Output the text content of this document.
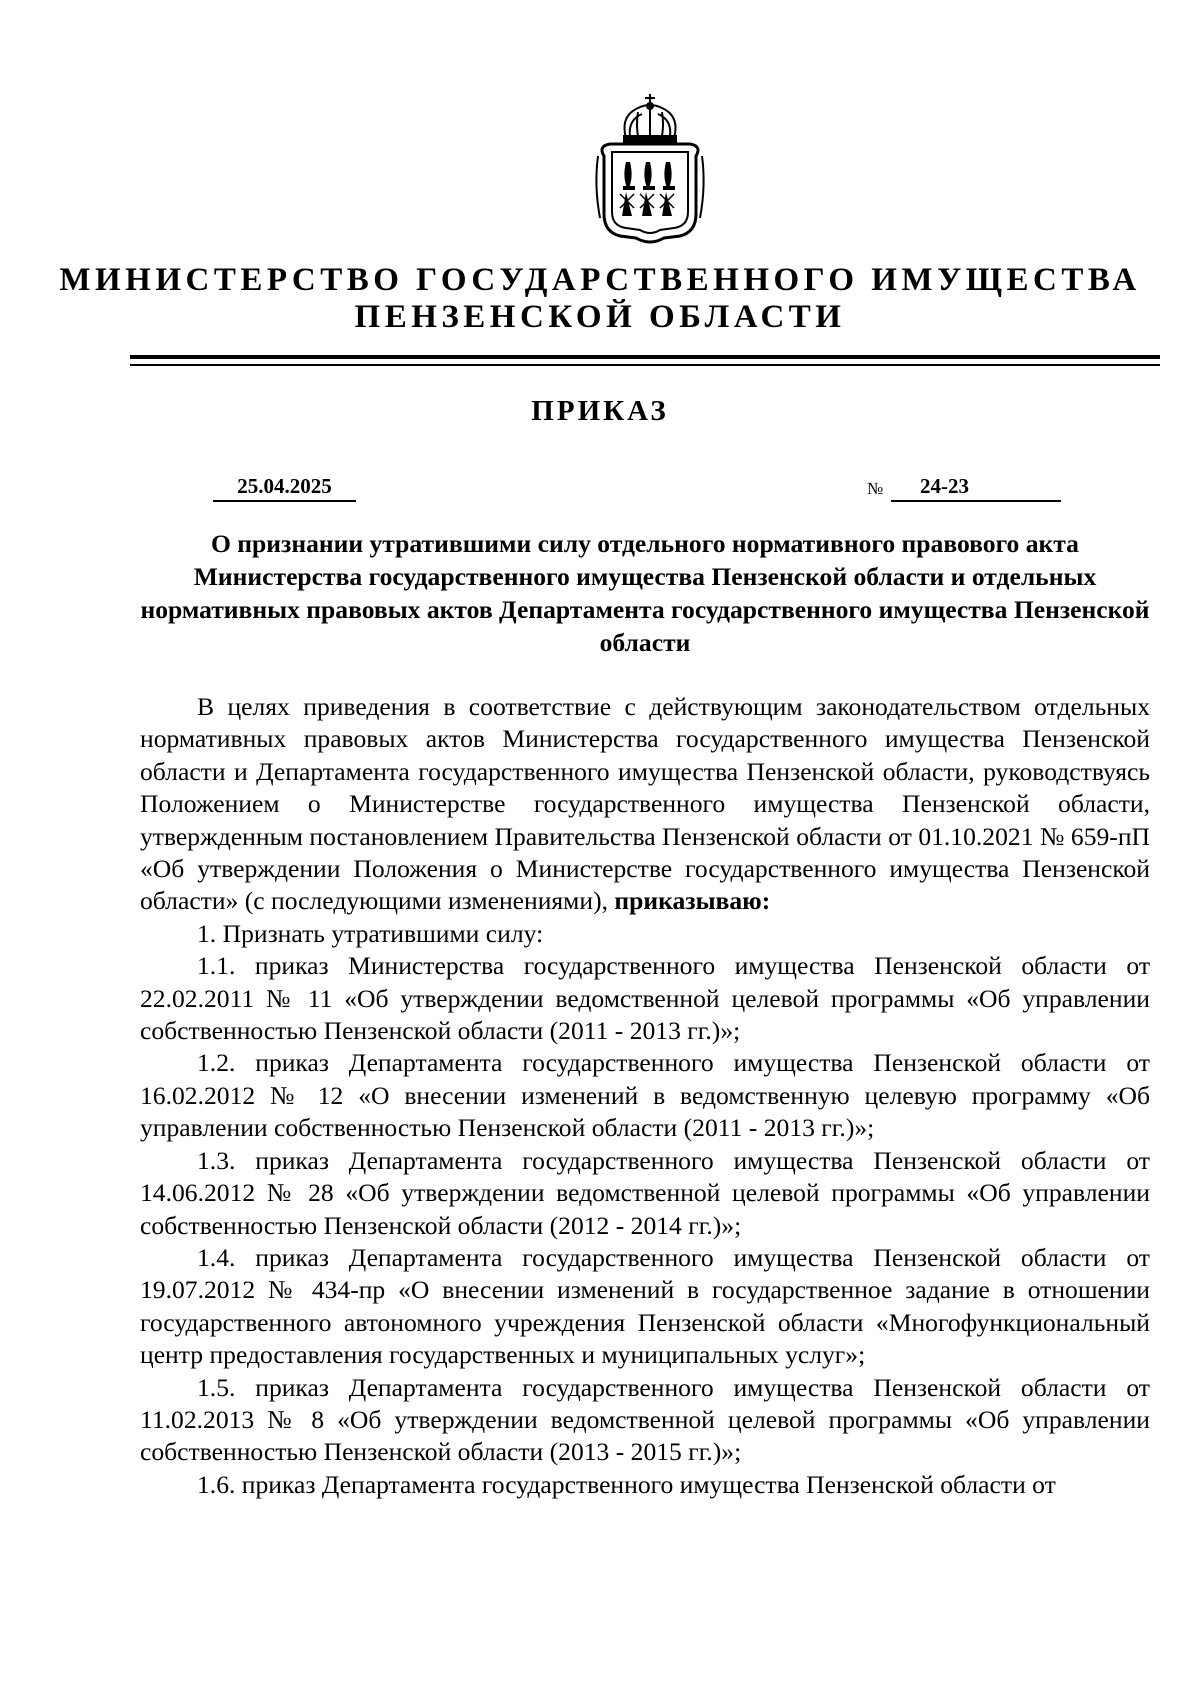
МИНИСТЕРСТВО ГОСУДАРСТВЕННОГО ИМУЩЕСТВА
ПЕНЗЕНСКОЙ ОБЛАСТИ
ПРИКАЗ
25.04.2025	№	24-23
О признании утратившими силу отдельного нормативного правового акта Министерства государственного имущества Пензенской области и отдельных нормативных правовых актов Департамента государственного имущества Пензенской области

В целях приведения в соответствие с действующим законодательством отдельных нормативных правовых актов Министерства государственного имущества Пензенской области и Департамента государственного имущества Пензенской области, руководствуясь Положением о Министерстве государственного имущества Пензенской области, утвержденным постановлением Правительства Пензенской области от 01.10.2021 № 659-пП «Об утверждении Положения о Министерстве государственного имущества Пензенской области» (с последующими изменениями), приказываю:

1. Признать утратившими силу:

1.1. приказ Министерства государственного имущества Пензенской области от 22.02.2011 № 11 «Об утверждении ведомственной целевой программы «Об управлении собственностью Пензенской области (2011 - 2013 гг.)»;

1.2. приказ Департамента государственного имущества Пензенской области от 16.02.2012 № 12 «О внесении изменений в ведомственную целевую программу «Об управлении собственностью Пензенской области (2011 - 2013 гг.)»;

1.3. приказ Департамента государственного имущества Пензенской области от 14.06.2012 № 28 «Об утверждении ведомственной целевой программы «Об управлении собственностью Пензенской области (2012 - 2014 гг.)»;

1.4. приказ Департамента государственного имущества Пензенской области от 19.07.2012 № 434-пр «О внесении изменений в государственное задание в отношении государственного автономного учреждения Пензенской области «Многофункциональный центр предоставления государственных и муниципальных услуг»;

1.5. приказ Департамента государственного имущества Пензенской области от 11.02.2013 № 8 «Об утверждении ведомственной целевой программы «Об управлении собственностью Пензенской области (2013 - 2015 гг.)»;

1.6. приказ Департамента государственного имущества Пензенской области от
